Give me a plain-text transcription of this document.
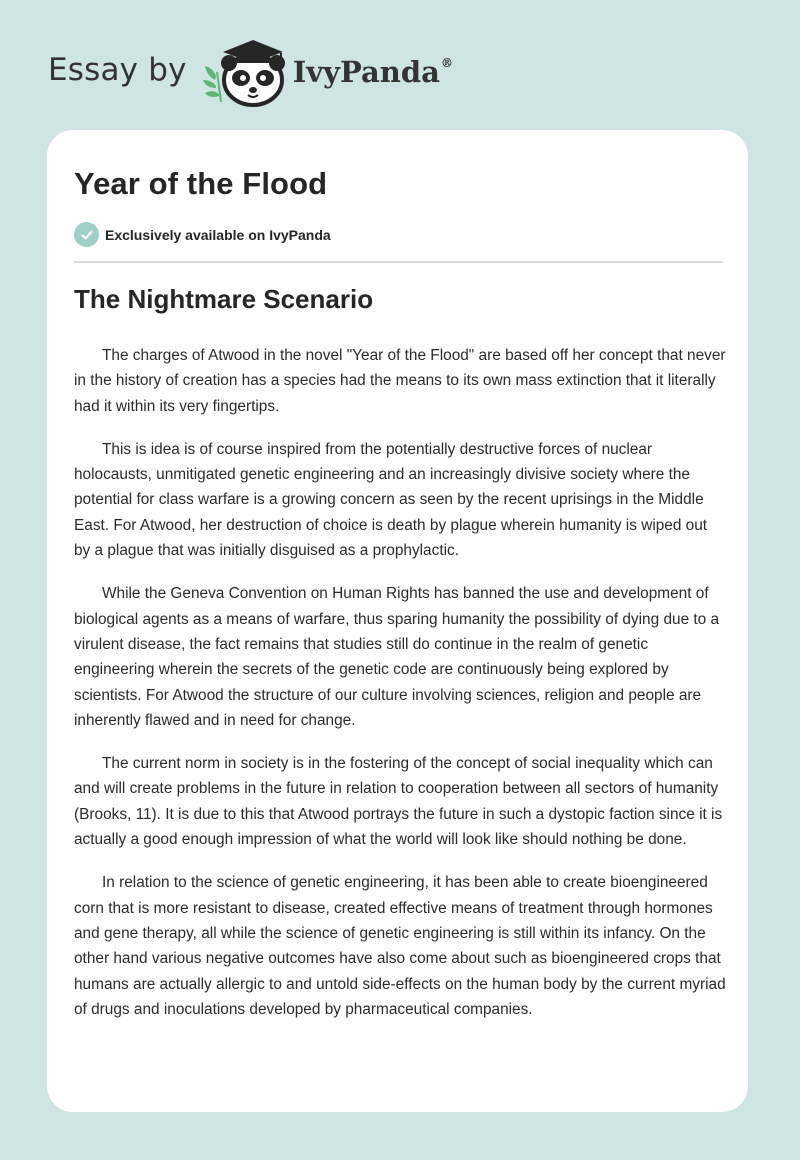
Essay by	IvyPanda®
Year of the Flood
Exclusively available on IvyPanda
The Nightmare Scenario

The charges of Atwood in the novel "Year of the Flood" are based off her concept that never in the history of creation has a species had the means to its own mass extinction that it literally had it within its very fingertips.

This is idea is of course inspired from the potentially destructive forces of nuclear holocausts, unmitigated genetic engineering and an increasingly divisive society where the potential for class warfare is a growing concern as seen by the recent uprisings in the Middle East. For Atwood, her destruction of choice is death by plague wherein humanity is wiped out by a plague that was initially disguised as a prophylactic.

While the Geneva Convention on Human Rights has banned the use and development of biological agents as a means of warfare, thus sparing humanity the possibility of dying due to a virulent disease, the fact remains that studies still do continue in the realm of genetic engineering wherein the secrets of the genetic code are continuously being explored by scientists. For Atwood the structure of our culture involving sciences, religion and people are inherently flawed and in need for change.

The current norm in society is in the fostering of the concept of social inequality which can and will create problems in the future in relation to cooperation between all sectors of humanity (Brooks, 11). It is due to this that Atwood portrays the future in such a dystopic faction since it is actually a good enough impression of what the world will look like should nothing be done.

In relation to the science of genetic engineering, it has been able to create bioengineered corn that is more resistant to disease, created effective means of treatment through hormones and gene therapy, all while the science of genetic engineering is still within its infancy. On the other hand various negative outcomes have also come about such as bioengineered crops that humans are actually allergic to and untold side-effects on the human body by the current myriad of drugs and inoculations developed by pharmaceutical companies.
